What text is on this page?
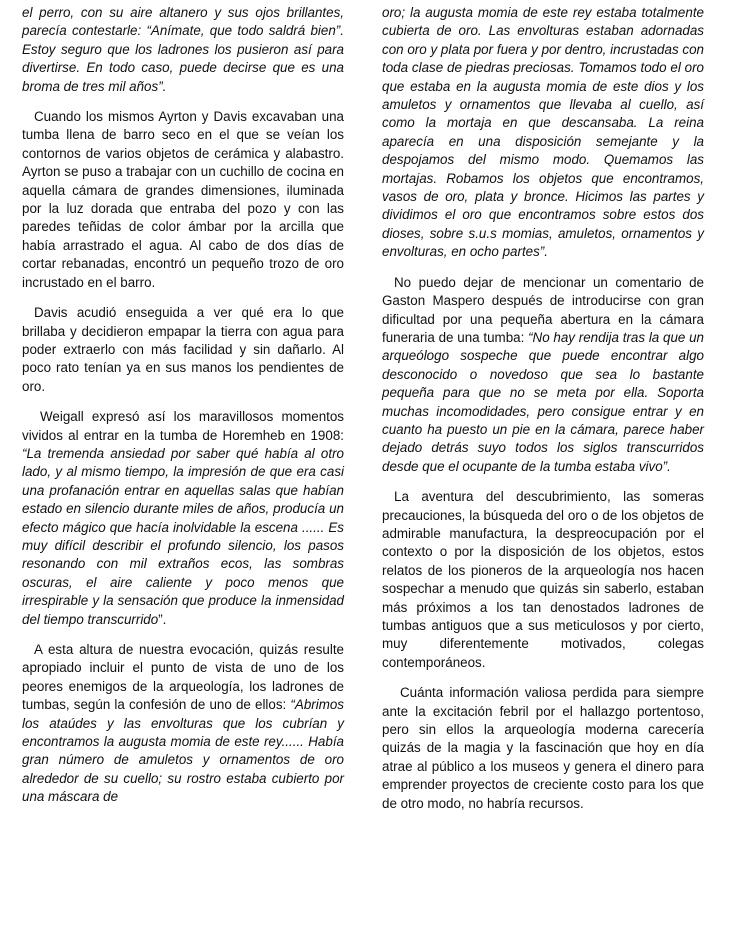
el perro, con su aire altanero y sus ojos brillantes, parecía contestarle: “Anímate, que todo saldrá bien”. Estoy seguro que los ladrones los pusieron así para divertirse. En todo caso, puede decirse que es una broma de tres mil años”.

Cuando los mismos Ayrton y Davis excavaban una tumba llena de barro seco en el que se veían los contornos de varios objetos de cerámica y alabastro. Ayrton se puso a trabajar con un cuchillo de cocina en aquella cámara de grandes dimensiones, iluminada por la luz dorada que entraba del pozo y con las paredes teñidas de color ámbar por la arcilla que había arrastrado el agua. Al cabo de dos días de cortar rebanadas, encontró un pequeño trozo de oro incrustado en el barro.

Davis acudió enseguida a ver qué era lo que brillaba y decidieron empapar la tierra con agua para poder extraerlo con más facilidad y sin dañarlo. Al poco rato tenían ya en sus manos los pendientes de oro.

Weigall expresó así los maravillosos momentos vividos al entrar en la tumba de Horemheb en 1908: “La tremenda ansiedad por saber qué había al otro lado, y al mismo tiempo, la impresión de que era casi una profanación entrar en aquellas salas que habían estado en silencio durante miles de años, producía un efecto mágico que hacía inolvidable la escena ...... Es muy difícil describir el profundo silencio, los pasos resonando con mil extraños ecos, las sombras oscuras, el aire caliente y poco menos que irrespirable y la sensación que produce la inmensidad del tiempo transcurrido”.

A esta altura de nuestra evocación, quizás resulte apropiado incluir el punto de vista de uno de los peores enemigos de la arqueología, los ladrones de tumbas, según la confesión de uno de ellos: “Abrimos los ataúdes y las envolturas que los cubrían y encontramos la augusta momia de este rey...... Había gran número de amuletos y ornamentos de oro alrededor de su cuello; su rostro estaba cubierto por una máscara de

oro; la augusta momia de este rey estaba totalmente cubierta de oro. Las envolturas estaban adornadas con oro y plata por fuera y por dentro, incrustadas con toda clase de piedras preciosas. Tomamos todo el oro que estaba en la augusta momia de este dios y los amuletos y ornamentos que llevaba al cuello, así como la mortaja en que descansaba. La reina aparecía en una disposición semejante y la despojamos del mismo modo. Quemamos las mortajas. Robamos los objetos que encontramos, vasos de oro, plata y bronce. Hicimos las partes y dividimos el oro que encontramos sobre estos dos dioses, sobre s.u.s momias, amuletos, ornamentos y envolturas, en ocho partes”.

No puedo dejar de mencionar un comentario de Gaston Maspero después de introducirse con gran dificultad por una pequeña abertura en la cámara funeraria de una tumba: “No hay rendija tras la que un arqueólogo sospeche que puede encontrar algo desconocido o novedoso que sea lo bastante pequeña para que no se meta por ella. Soporta muchas incomodidades, pero consigue entrar y en cuanto ha puesto un pie en la cámara, parece haber dejado detrás suyo todos los siglos transcurridos desde que el ocupante de la tumba estaba vivo”.

La aventura del descubrimiento, las someras precauciones, la búsqueda del oro o de los objetos de admirable manufactura, la despreocupación por el contexto o por la disposición de los objetos, estos relatos de los pioneros de la arqueología nos hacen sospechar a menudo que quizás sin saberlo, estaban más próximos a los tan denostados ladrones de tumbas antiguos que a sus meticulosos y por cierto, muy diferentemente motivados, colegas contemporáneos.

Cuánta información valiosa perdida para siempre ante la excitación febril por el hallazgo portentoso, pero sin ellos la arqueología moderna carecería quizás de la magia y la fascinación que hoy en día atrae al público a los museos y genera el dinero para emprender proyectos de creciente costo para los que de otro modo, no habría recursos.
